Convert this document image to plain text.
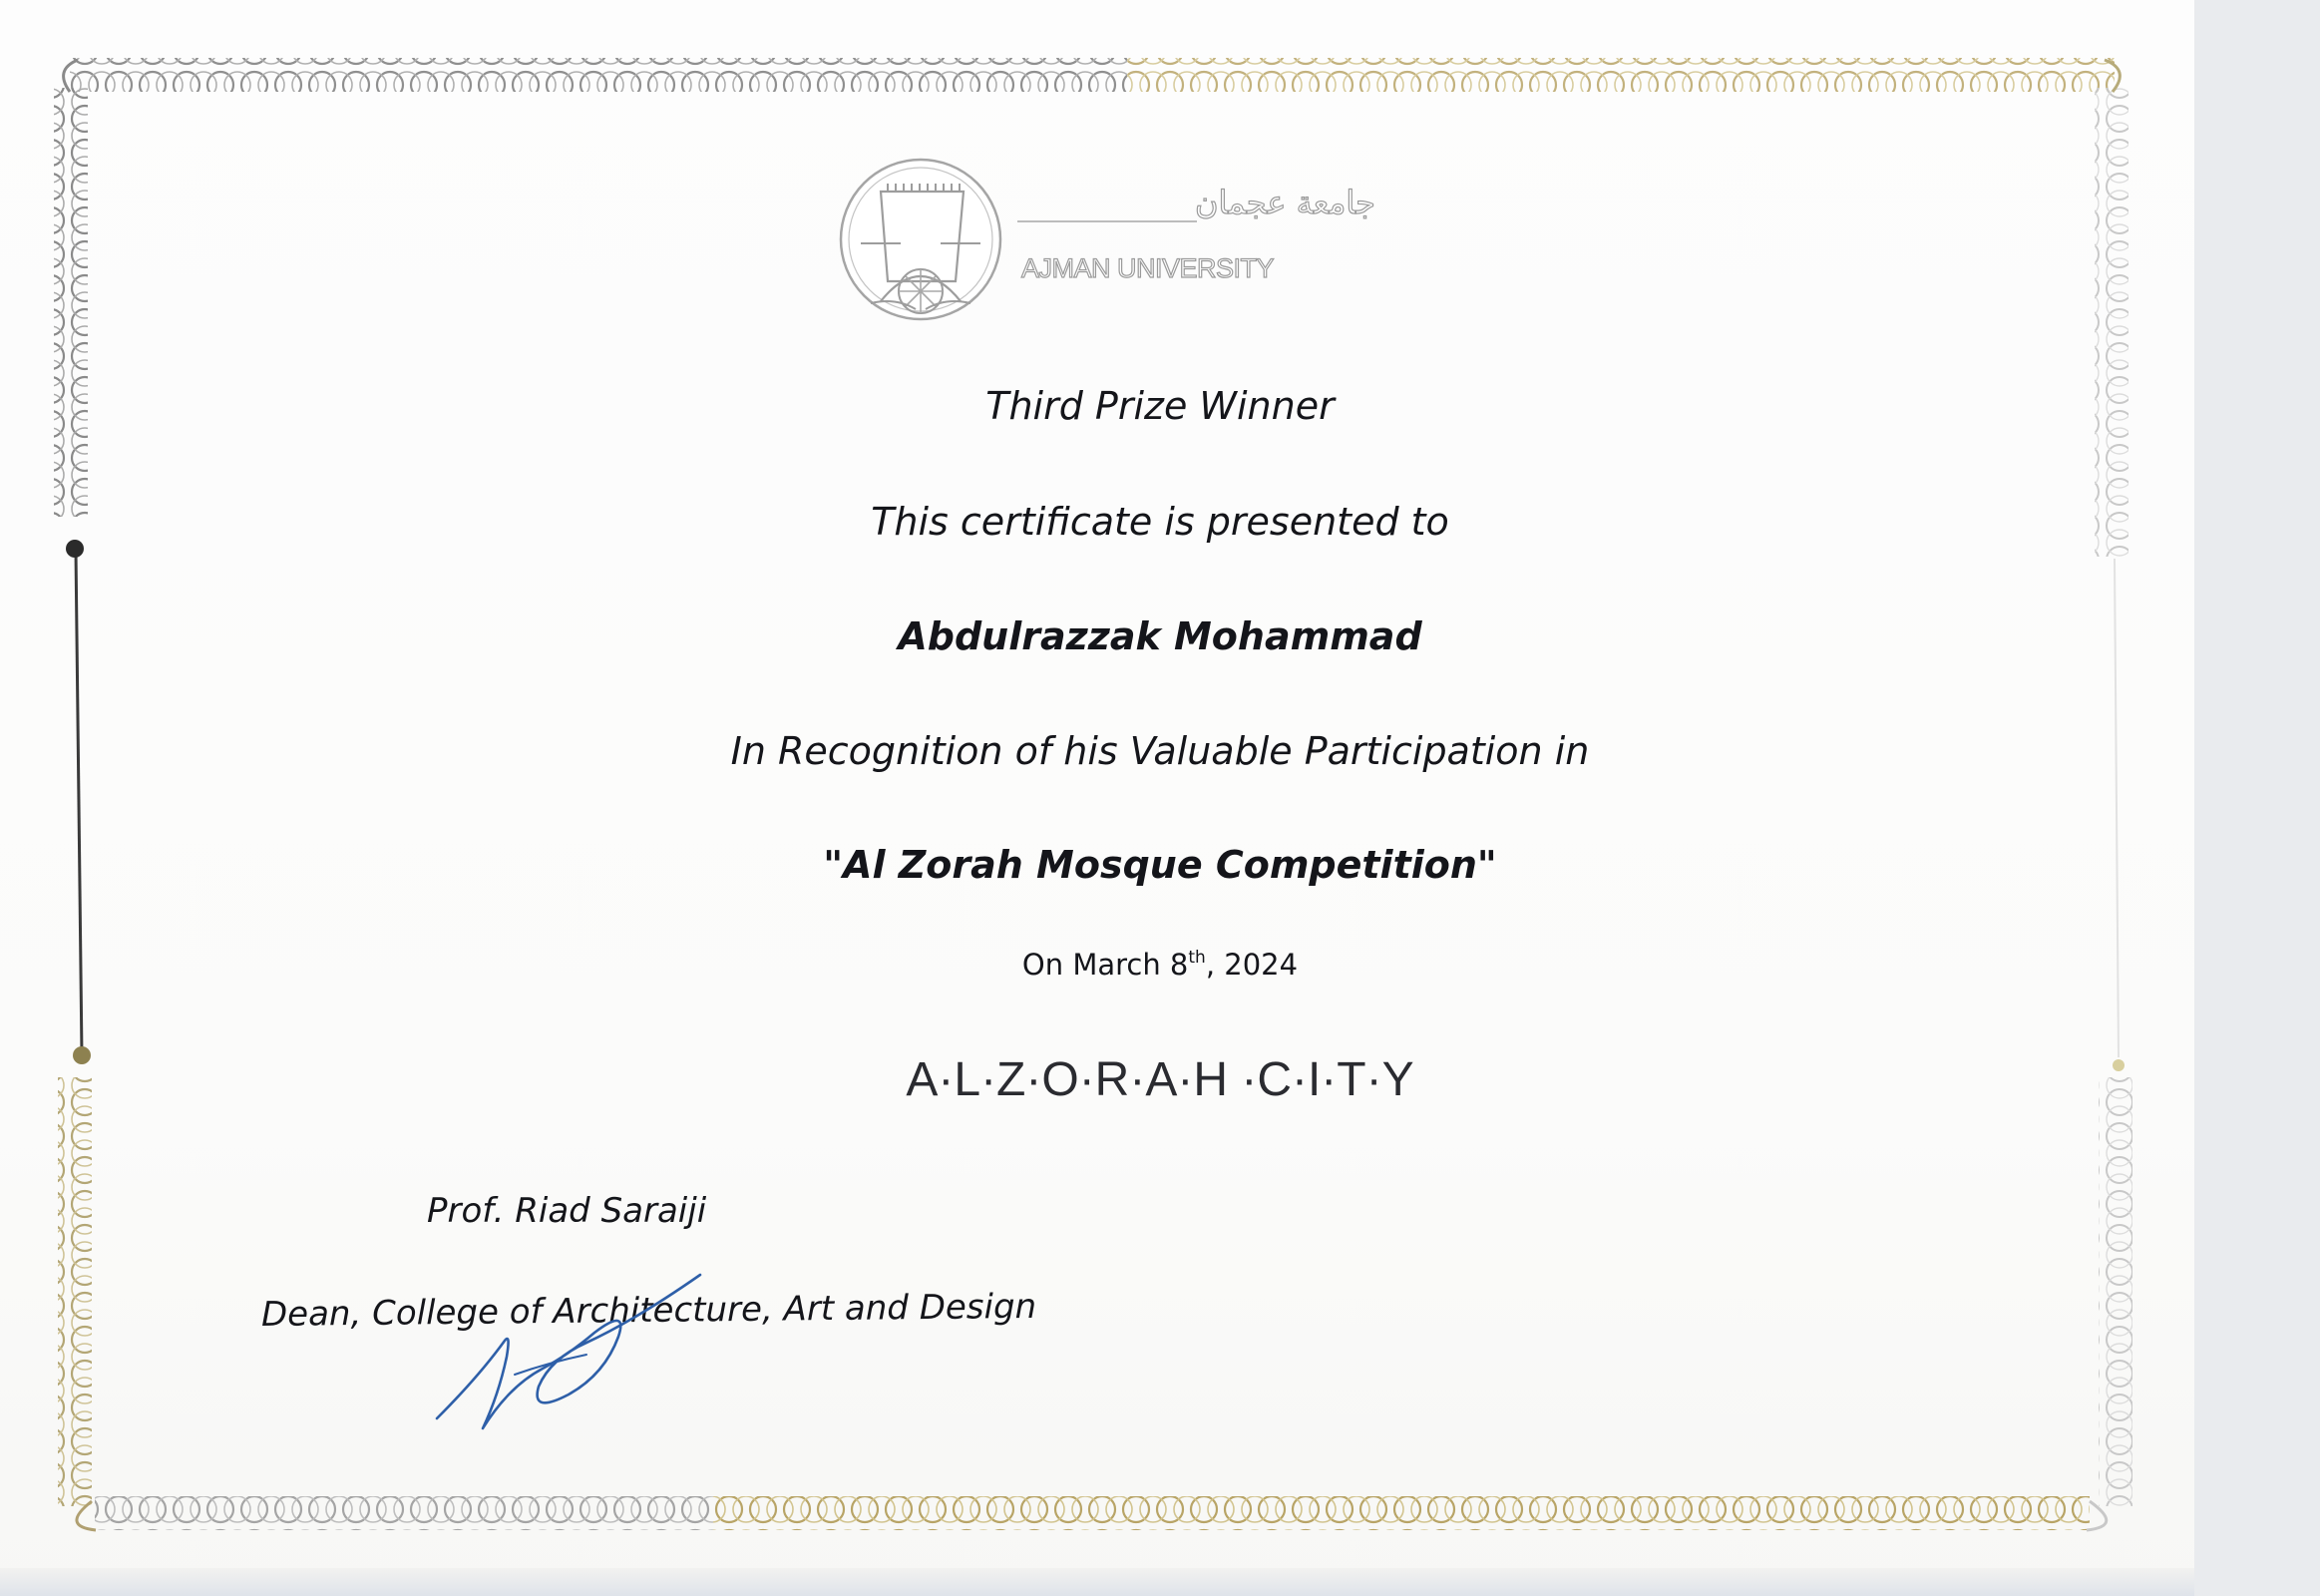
جامعة عجمان
AJMAN UNIVERSITY
Third Prize Winner
This certificate is presented to
Abdulrazzak Mohammad
In Recognition of his Valuable Participation in
"Al Zorah Mosque Competition"
On March 8th, 2024
A·L·Z·O·R·A·H ·C·I·T·Y
Prof. Riad Saraiji
Dean, College of Architecture, Art and Design
